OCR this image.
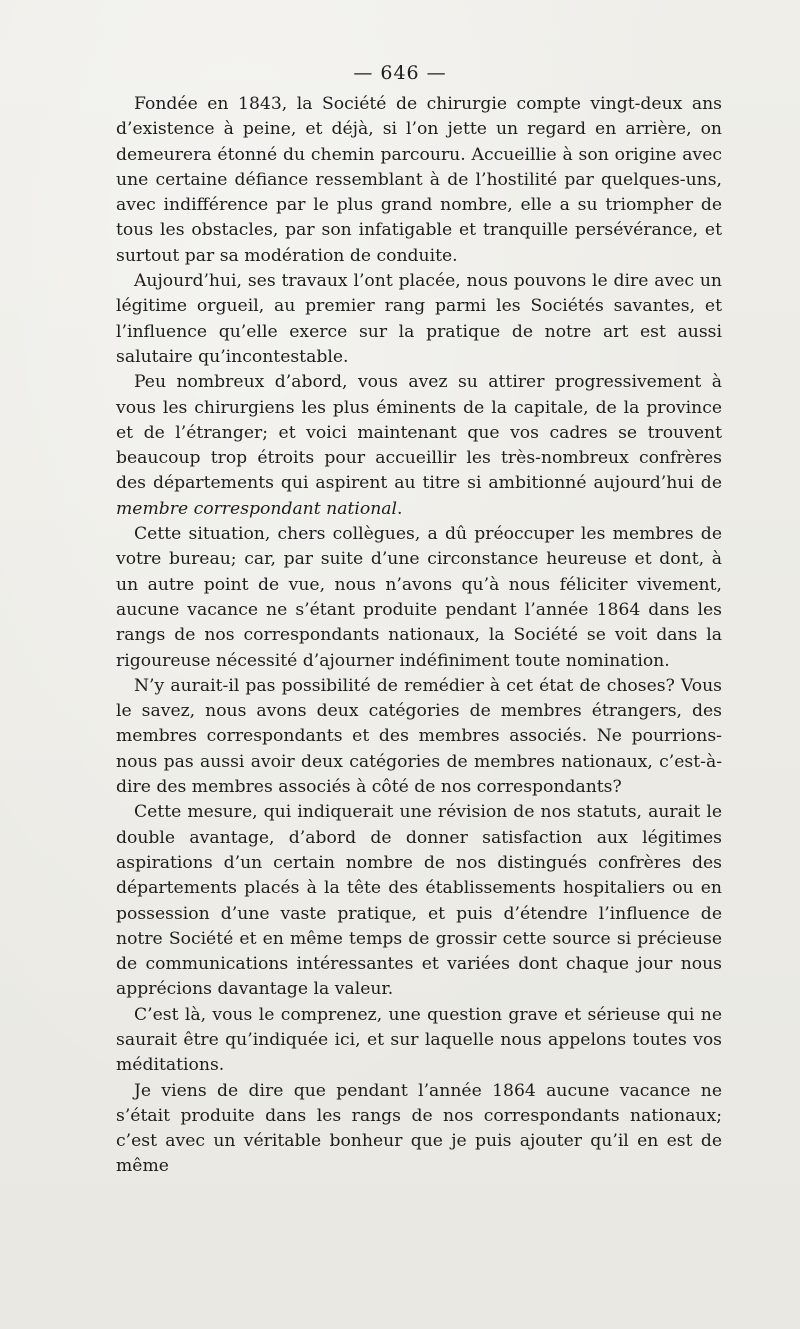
— 646 —

Fondée en 1843, la Société de chirurgie compte vingt-deux ans d’existence à peine, et déjà, si l’on jette un regard en arrière, on demeurera étonné du chemin parcouru. Accueillie à son origine avec une certaine défiance ressemblant à de l’hostilité par quelques-uns, avec indifférence par le plus grand nombre, elle a su triompher de tous les obstacles, par son infatigable et tranquille persévérance, et surtout par sa modération de conduite.

Aujourd’hui, ses travaux l’ont placée, nous pouvons le dire avec un légitime orgueil, au premier rang parmi les Sociétés savantes, et l’influence qu’elle exerce sur la pratique de notre art est aussi salutaire qu’incontestable.

Peu nombreux d’abord, vous avez su attirer progressivement à vous les chirurgiens les plus éminents de la capitale, de la province et de l’étranger; et voici maintenant que vos cadres se trouvent beaucoup trop étroits pour accueillir les très-nombreux confrères des départements qui aspirent au titre si ambitionné aujourd’hui de membre correspondant national.

Cette situation, chers collègues, a dû préoccuper les membres de votre bureau; car, par suite d’une circonstance heureuse et dont, à un autre point de vue, nous n’avons qu’à nous féliciter vivement, aucune vacance ne s’étant produite pendant l’année 1864 dans les rangs de nos correspondants nationaux, la Société se voit dans la rigoureuse nécessité d’ajourner indéfiniment toute nomination.

N’y aurait-il pas possibilité de remédier à cet état de choses? Vous le savez, nous avons deux catégories de membres étrangers, des membres correspondants et des membres associés. Ne pourrions-nous pas aussi avoir deux catégories de membres nationaux, c’est-à-dire des membres associés à côté de nos correspondants?

Cette mesure, qui indiquerait une révision de nos statuts, aurait le double avantage, d’abord de donner satisfaction aux légitimes aspirations d’un certain nombre de nos distingués confrères des départements placés à la tête des établissements hospitaliers ou en possession d’une vaste pratique, et puis d’étendre l’influence de notre Société et en même temps de grossir cette source si précieuse de communications intéressantes et variées dont chaque jour nous apprécions davantage la valeur.

C’est là, vous le comprenez, une question grave et sérieuse qui ne saurait être qu’indiquée ici, et sur laquelle nous appelons toutes vos méditations.

Je viens de dire que pendant l’année 1864 aucune vacance ne s’était produite dans les rangs de nos correspondants nationaux; c’est avec un véritable bonheur que je puis ajouter qu’il en est de même
